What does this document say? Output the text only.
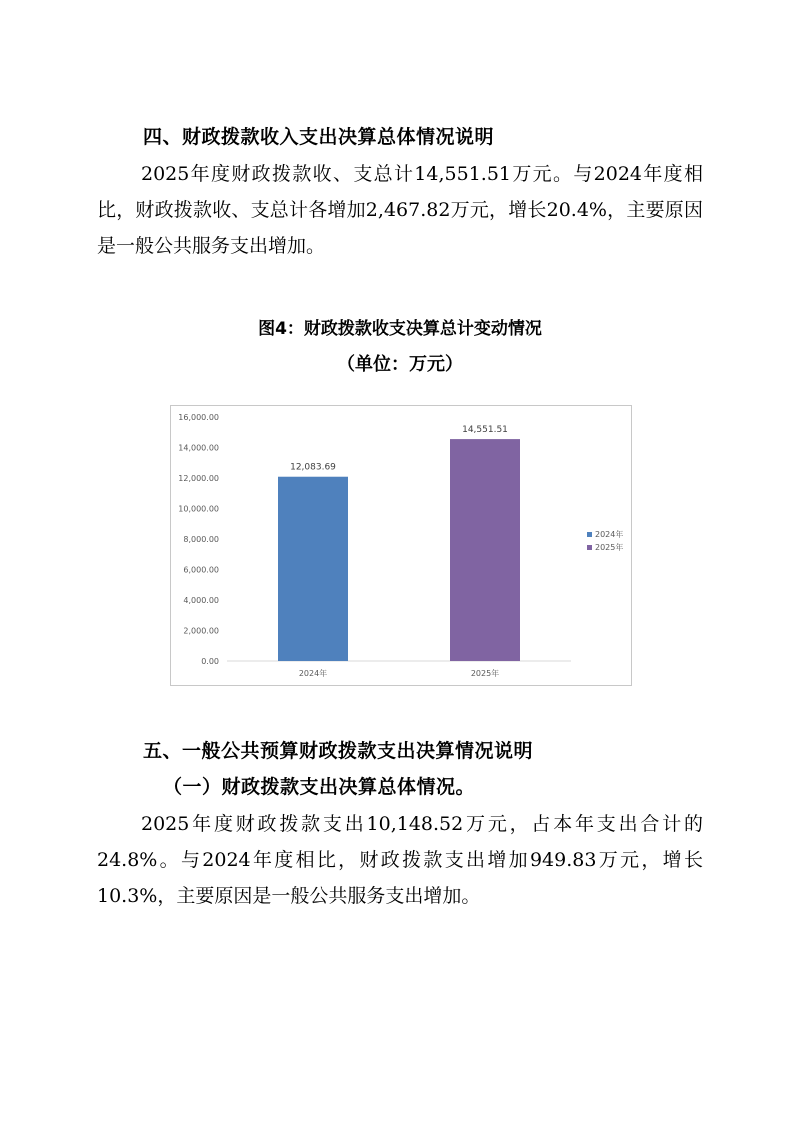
四、财政拨款收入支出决算总体情况说明

2025年度财政拨款收、支总计14,551.51万元。与2024年度相比，财政拨款收、支总计各增加2,467.82万元，增长20.4%，主要原因是一般公共服务支出增加。

图4：财政拨款收支决算总计变动情况
（单位：万元）
0.00
2,000.00
4,000.00
6,000.00
8,000.00
10,000.00
12,000.00
14,000.00
16,000.00
12,083.69
14,551.51
2024年	2025年
2024年
2025年
五、一般公共预算财政拨款支出决算情况说明
（一）财政拨款支出决算总体情况。

2025年度财政拨款支出10,148.52万元，占本年支出合计的24.8%。与2024年度相比，财政拨款支出增加949.83万元，增长10.3%，主要原因是一般公共服务支出增加。
